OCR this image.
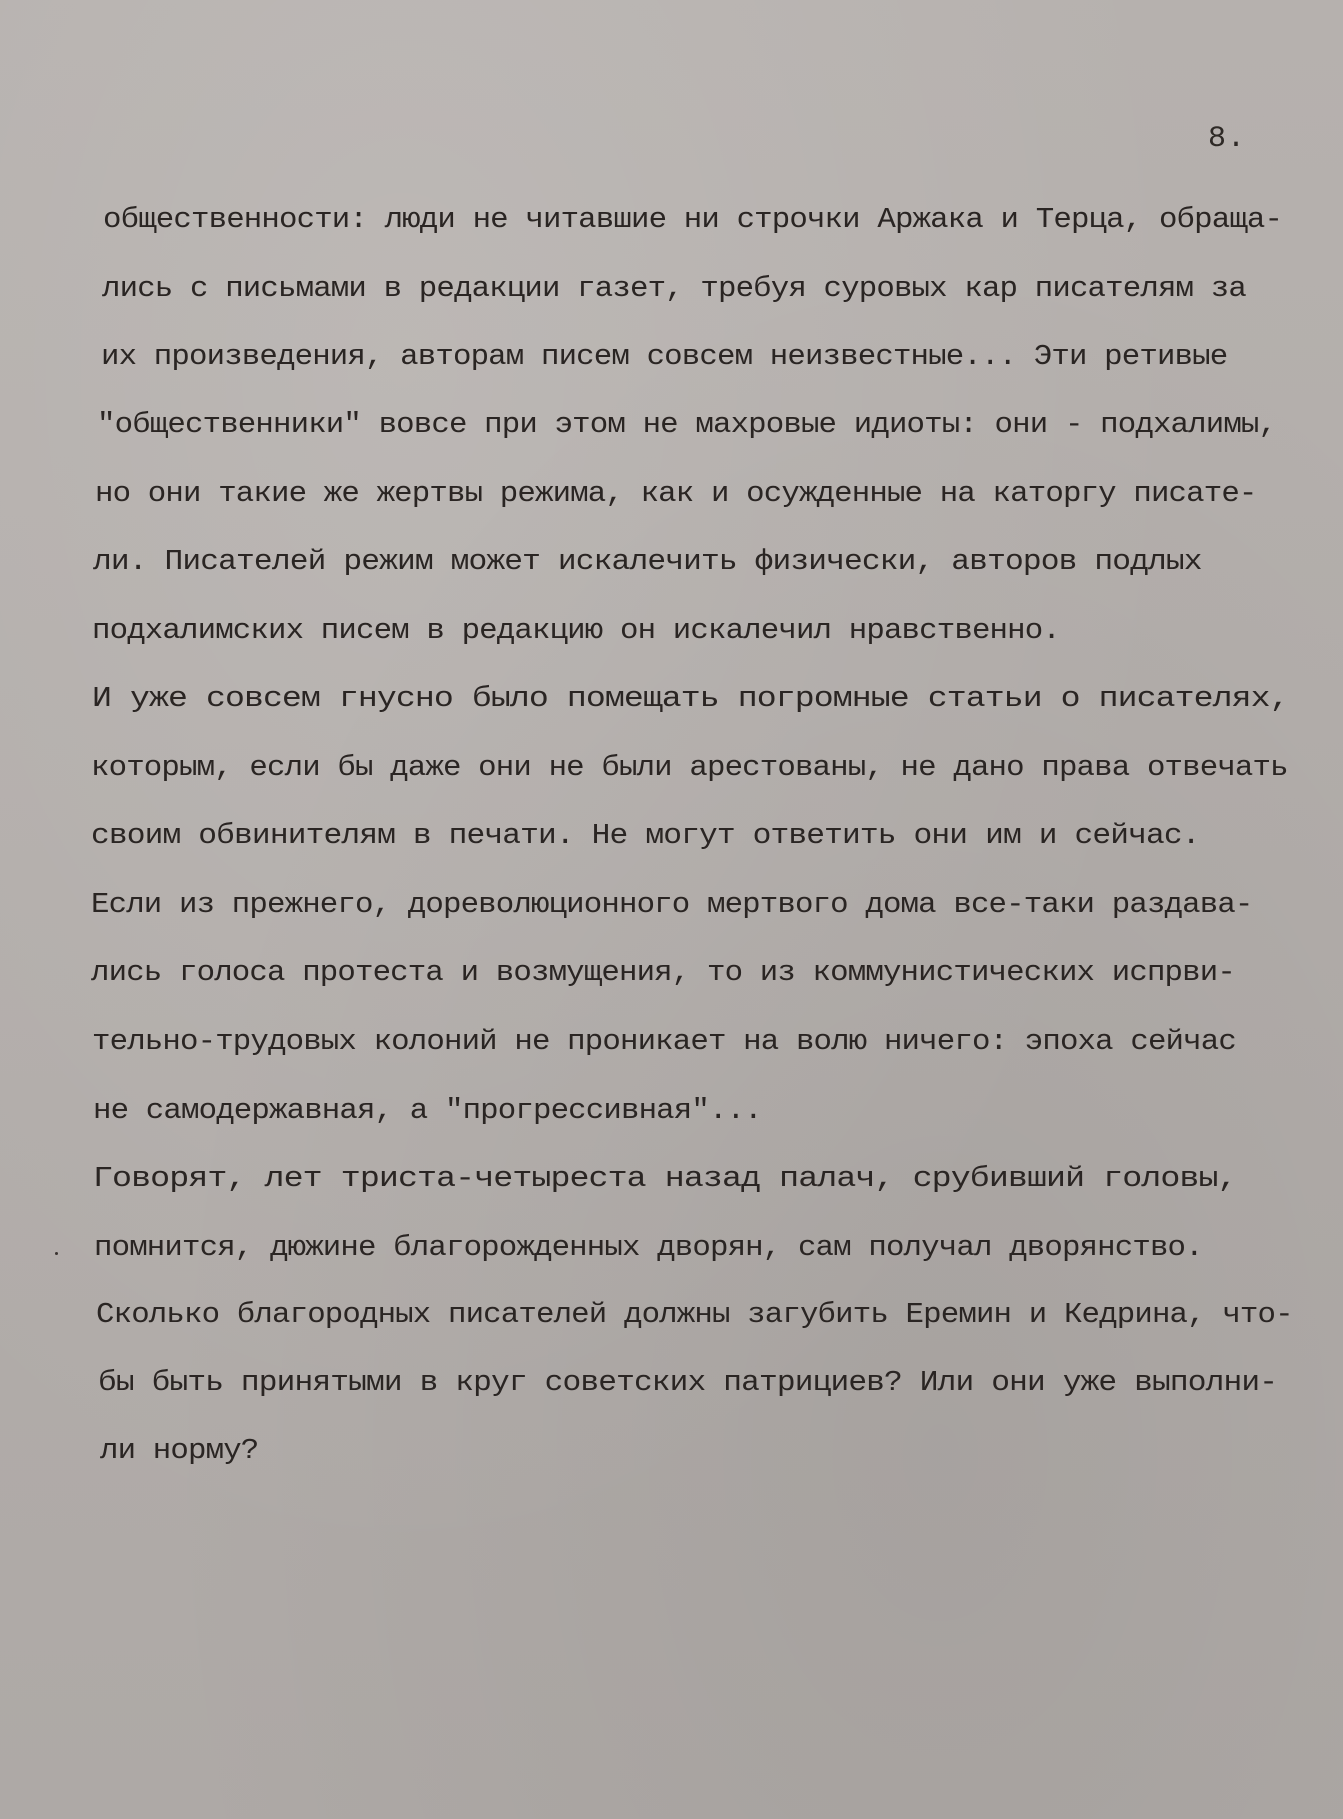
8.
общественности: люди не читавшие ни строчки Аржака и Терца, обраща-
лись с письмами в редакции газет, требуя суровых кар писателям за
их произведения, авторам писем совсем неизвестные... Эти ретивые
"общественники" вовсе при этом не махровые идиоты: они - подхалимы,
но они такие же жертвы режима, как и осужденные на каторгу писате-
ли. Писателей режим может искалечить физически, авторов подлых
подхалимских писем в редакцию он искалечил нравственно.
И уже совсем гнусно было помещать погромные статьи о писателях,
которым, если бы даже они не были арестованы, не дано права отвечать
своим обвинителям в печати. Не могут ответить они им и сейчас.
Если из прежнего, дореволюционного мертвого дома все-таки раздава-
лись голоса протеста и возмущения, то из коммунистических испрви-
тельно-трудовых колоний не проникает на волю ничего: эпоха сейчас
не самодержавная, а "прогрессивная"...
Говорят, лет триста-четыреста назад палач, срубивший головы,
помнится, дюжине благорожденных дворян, сам получал дворянство.
Сколько благородных писателей должны загубить Еремин и Кедрина, что-
бы быть принятыми в круг советских патрициев? Или они уже выполни-
ли норму?
